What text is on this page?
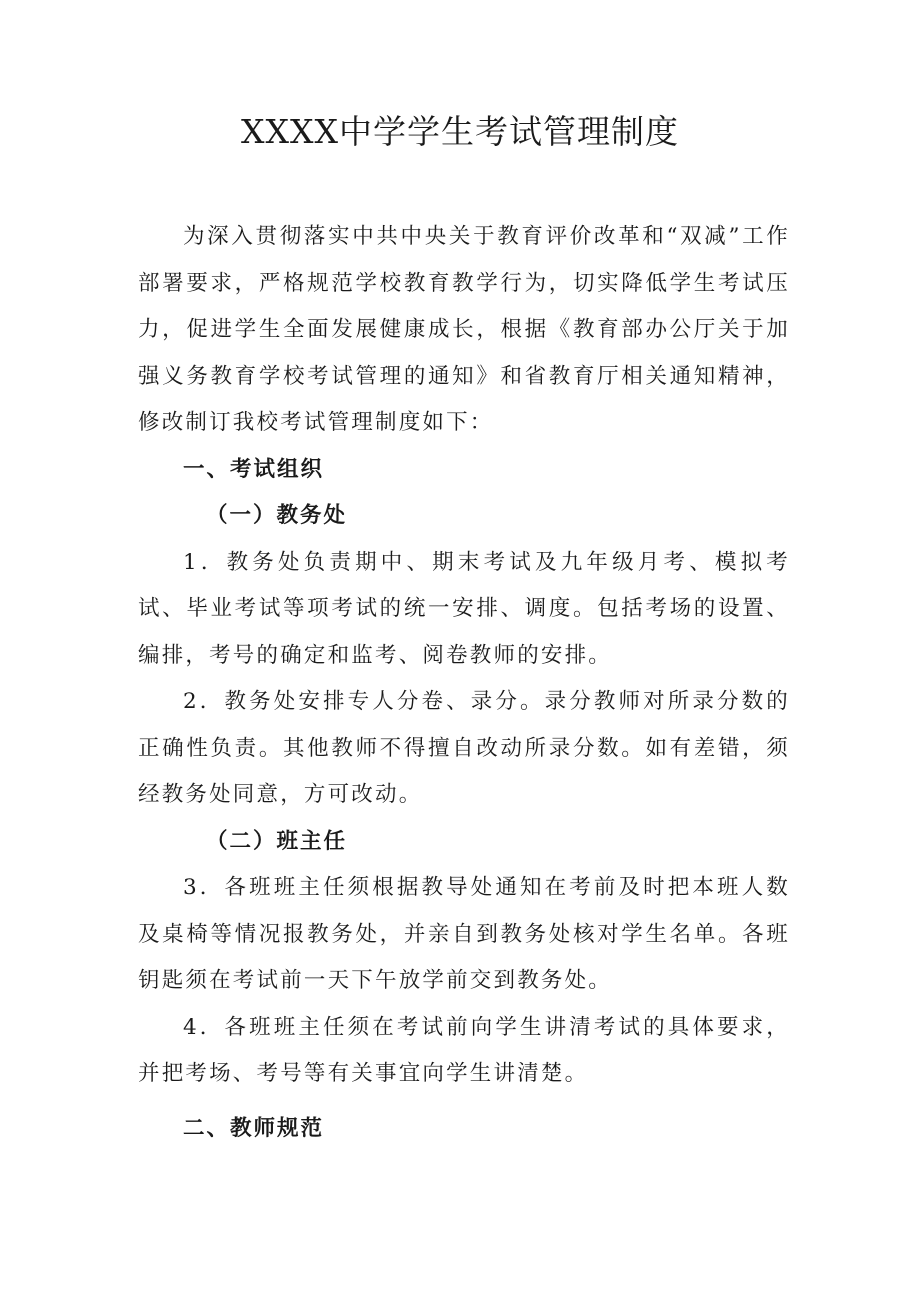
XXXX中学学生考试管理制度

为深入贯彻落实中共中央关于教育评价改革和“双减”工作部署要求，严格规范学校教育教学行为，切实降低学生考试压力，促进学生全面发展健康成长，根据《教育部办公厅关于加强义务教育学校考试管理的通知》和省教育厅相关通知精神，修改制订我校考试管理制度如下：

一、考试组织

（一）教务处

1．教务处负责期中、期末考试及九年级月考、模拟考试、毕业考试等项考试的统一安排、调度。包括考场的设置、编排，考号的确定和监考、阅卷教师的安排。

2．教务处安排专人分卷、录分。录分教师对所录分数的正确性负责。其他教师不得擅自改动所录分数。如有差错，须经教务处同意，方可改动。

（二）班主任

3．各班班主任须根据教导处通知在考前及时把本班人数及桌椅等情况报教务处，并亲自到教务处核对学生名单。各班钥匙须在考试前一天下午放学前交到教务处。

4．各班班主任须在考试前向学生讲清考试的具体要求，并把考场、考号等有关事宜向学生讲清楚。

二、教师规范
